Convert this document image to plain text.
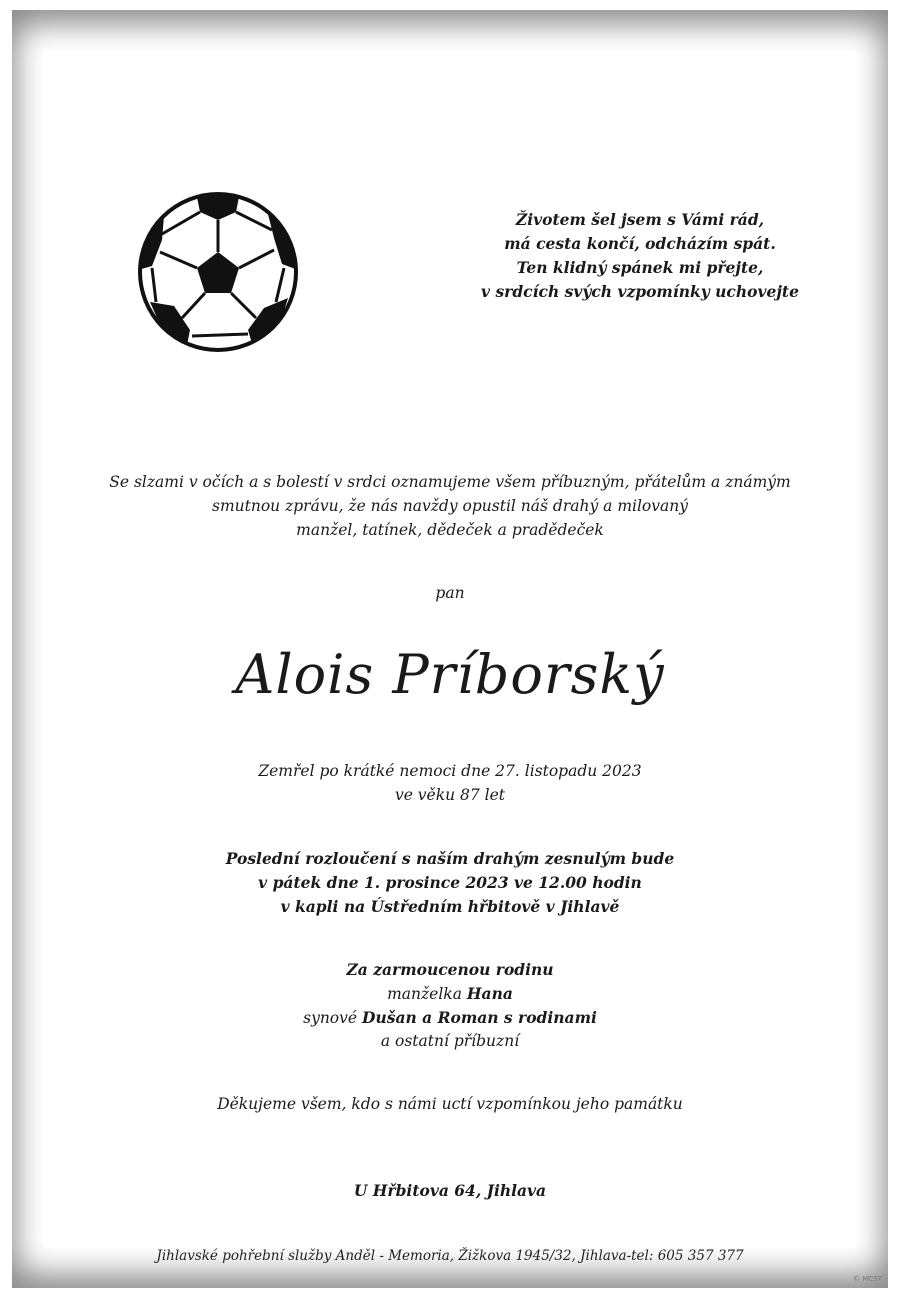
Životem šel jsem s Vámi rád,
má cesta končí, odcházím spát.
Ten klidný spánek mi přejte,
v srdcích svých vzpomínky uchovejte
Se slzami v očích a s bolestí v srdci oznamujeme všem příbuzným, přátelům a známým
smutnou zprávu, že nás navždy opustil náš drahý a milovaný
manžel, tatínek, dědeček a pradědeček
pan
Alois Príborský
Zemřel po krátké nemoci dne 27. listopadu 2023
ve věku 87 let
Poslední rozloučení s naším drahým zesnulým bude
v pátek dne 1. prosince 2023 ve 12.00 hodin
v kapli na Ústředním hřbitově v Jihlavě
Za zarmoucenou rodinu
manželka Hana
synové Dušan a Roman s rodinami
a ostatní příbuzní
Děkujeme všem, kdo s námi uctí vzpomínkou jeho památku
U Hřbitova 64, Jihlava
Jihlavské pohřební služby Anděl - Memoria, Žižkova 1945/32, Jihlava-tel: 605 357 377
© MCST
